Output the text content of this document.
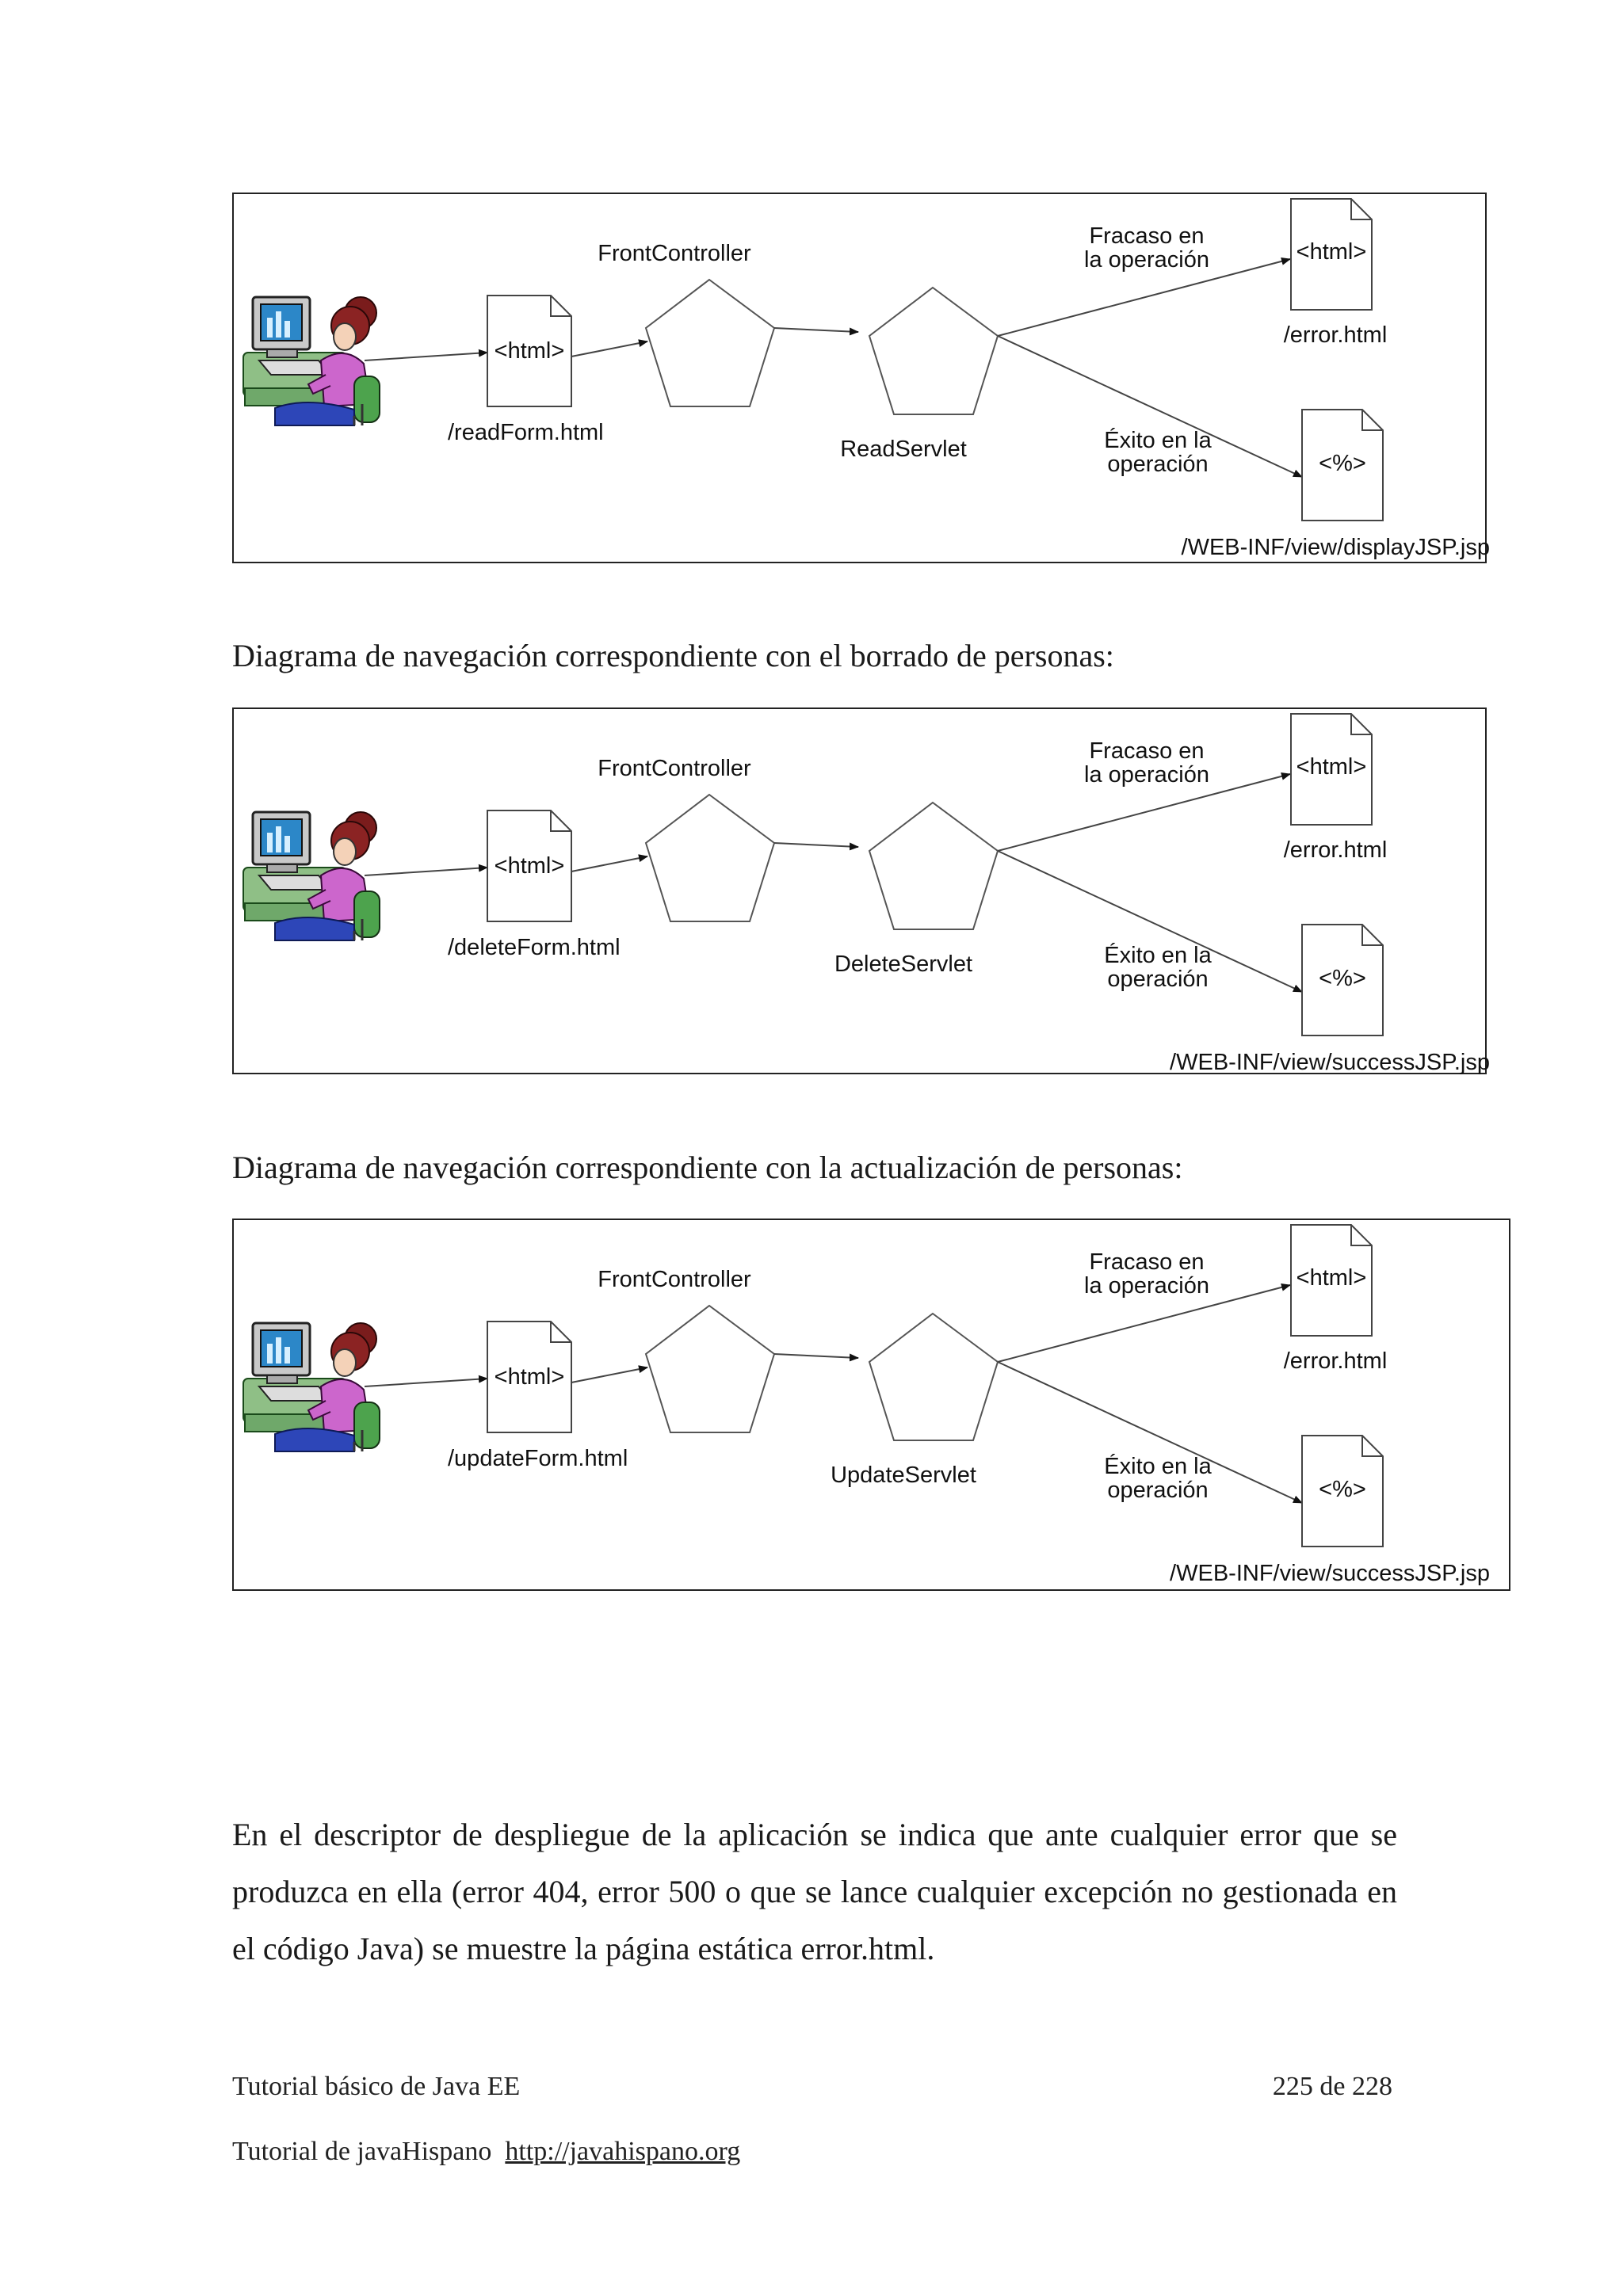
<html>
/readForm.html
FrontController
ReadServlet
Fracaso en
la operación	<html>
/error.html
Éxito en la
operación	<%>
/WEB-INF/view/displayJSP.jsp

Diagrama de navegación correspondiente con el borrado de personas:

<html>
/deleteForm.html
FrontController
DeleteServlet
Fracaso en
la operación	<html>
/error.html
Éxito en la
operación	<%>
/WEB-INF/view/successJSP.jsp

Diagrama de navegación correspondiente con la actualización de personas:

<html>
/updateForm.html
FrontController
UpdateServlet
Fracaso en
la operación	<html>
/error.html
Éxito en la
operación	<%>
/WEB-INF/view/successJSP.jsp

En el descriptor de despliegue de la aplicación se indica que ante cualquier error que se produzca en ella (error 404, error 500 o que se lance cualquier excepción no gestionada en el código Java) se muestre la página estática error.html.

Tutorial básico de Java EE	225 de 228
Tutorial de javaHispano http://javahispano.org
